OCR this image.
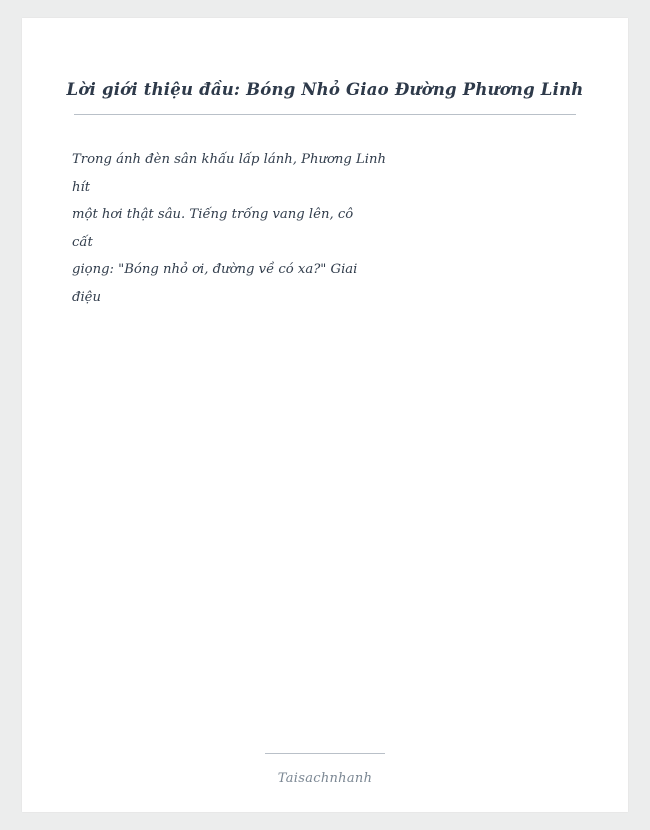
Lời giới thiệu đầu: Bóng Nhỏ Giao Đường Phương Linh
Trong ánh đèn sân khấu lấp lánh, Phương Linh
hít
một hơi thật sâu. Tiếng trống vang lên, cô
cất
giọng: "Bóng nhỏ ơi, đường về có xa?" Giai
điệu
Taisachnhanh
